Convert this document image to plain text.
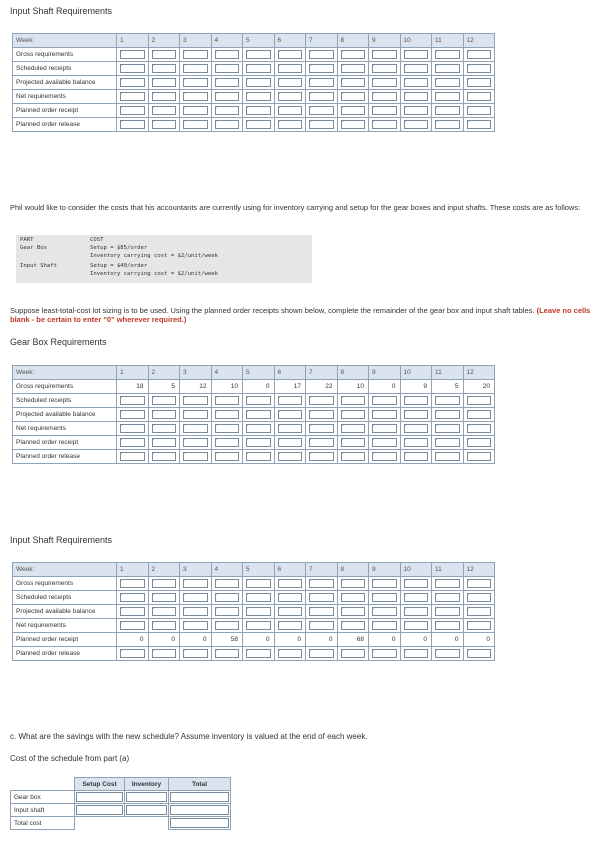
Input Shaft Requirements
Week:	1	2	3	4	5	6	7	8	9	10	11	12
Gross requirements	

Scheduled receipts	

Projected available balance	

Net requirements	

Planned order receipt	

Planned order release	

Phil would like to consider the costs that his accountants are currently using for inventory carrying and setup for the gear boxes and input shafts. These costs are as follows:
COST
PART
Gear Box	Setup = $85/order
Inventory carrying cost = $2/unit/week
Input Shaft	Setup = $40/order
Inventory carrying cost = $2/unit/week
Suppose least-total-cost lot sizing is to be used. Using the planned order receipts shown below, complete the remainder of the gear box and input shaft tables. (Leave no cells blank - be certain to enter "0" wherever required.)
Gear Box Requirements
Week:	1	2	3	4	5	6	7	8	9	10	11	12
Gross requirements	18	5	12	10	0	17	22	10	0	9	5	20
Scheduled receipts	

Projected available balance	

Net requirements	

Planned order receipt	

Planned order release	

Input Shaft Requirements
Week:	1	2	3	4	5	6	7	8	9	10	11	12
Gross requirements	

Scheduled receipts	

Projected available balance	

Net requirements	

Planned order receipt	0	0	0	58	0	0	0	68	0	0	0	0
Planned order release	

c. What are the savings with the new schedule? Assume inventory is valued at the end of each week.
Cost of the schedule from part (a)
	Setup Cost	Inventory	Total
Gear box	

Input shaft	

Total cost			
